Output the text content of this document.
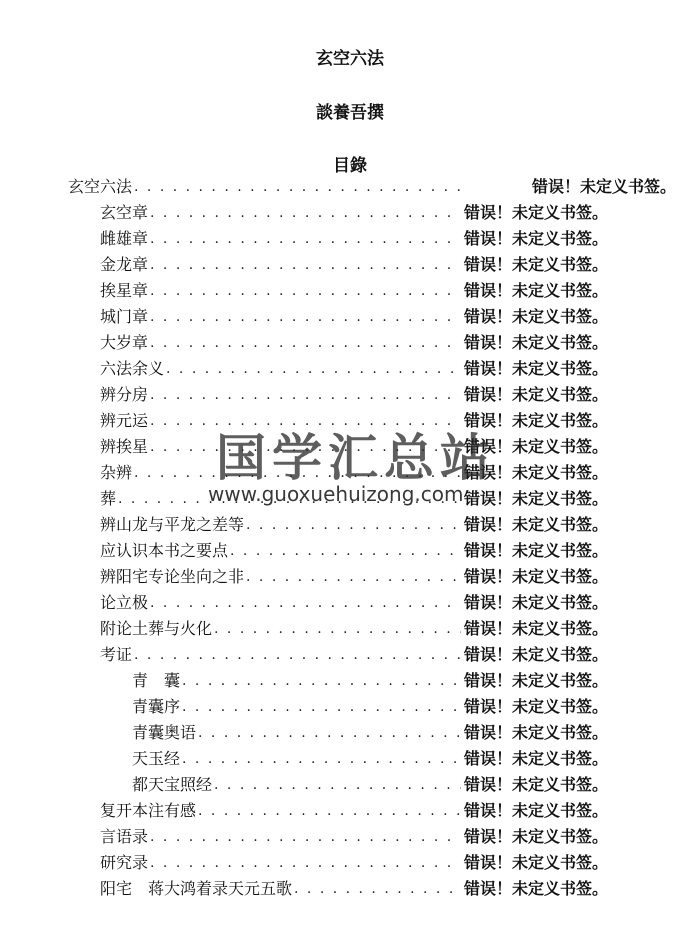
玄空六法
談養吾撰
目錄
玄空六法 . . .	错误！未定义书签。
玄空章 . . .	错误！未定义书签。
雌雄章 . . .	错误！未定义书签。
金龙章 . . .	错误！未定义书签。
挨星章 . . .	错误！未定义书签。
城门章 . . .	错误！未定义书签。
大岁章 . . .	错误！未定义书签。
六法余义 . . .	错误！未定义书签。
辨分房 . . .	错误！未定义书签。
辨元运 . . .	错误！未定义书签。
辨挨星 . . .	错误！未定义书签。
杂辨 . . .	错误！未定义书签。
葬 . . .	错误！未定义书签。
辨山龙与平龙之差等 . . .	错误！未定义书签。
应认识本书之要点 . . .	错误！未定义书签。
辨阳宅专论坐向之非 . . .	错误！未定义书签。
论立极 . . .	错误！未定义书签。
附论土葬与火化 . . .	错误！未定义书签。
考证 . . .	错误！未定义书签。
青　囊 . . .	错误！未定义书签。
青囊序 . . .	错误！未定义书签。
青囊奥语 . . .	错误！未定义书签。
天玉经 . . .	错误！未定义书签。
都天宝照经 . . .	错误！未定义书签。
复开本注有感 . . .	错误！未定义书签。
言语录 . . .	错误！未定义书签。
研究录 . . .	错误！未定义书签。
阳宅　蒋大鸿着录天元五歌 . . .	错误！未定义书签。

国学汇总站

www.guoxuehuizong.com
